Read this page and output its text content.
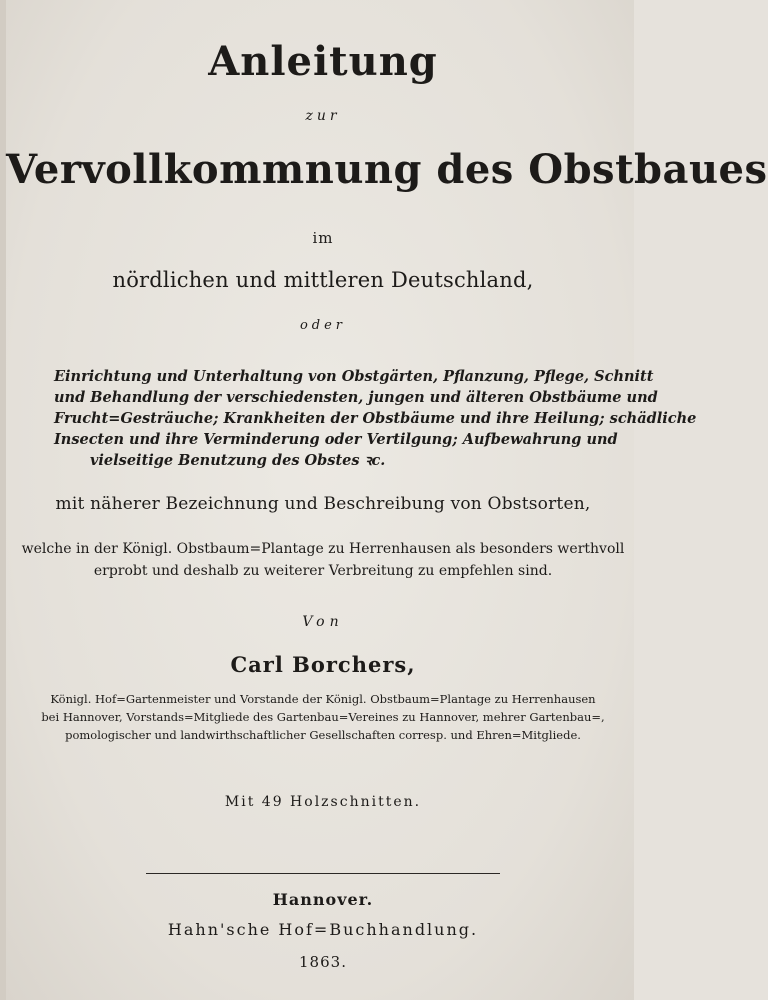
Anleitung
zur
Vervollkommnung des Obstbaues
im
nördlichen und mittleren Deutschland,
oder
Einrichtung und Unterhaltung von Obstgärten, Pflanzung, Pflege, Schnitt
und Behandlung der verschiedensten, jungen und älteren Obstbäume und
Frucht=Gesträuche; Krankheiten der Obstbäume und ihre Heilung; schädliche
Insecten und ihre Verminderung oder Vertilgung; Aufbewahrung und
vielseitige Benutzung des Obstes ꝛc.
mit näherer Bezeichnung und Beschreibung von Obstsorten,
welche in der Königl. Obstbaum=Plantage zu Herrenhausen als besonders werthvoll
erprobt und deshalb zu weiterer Verbreitung zu empfehlen sind.
Von
Carl Borchers,
Königl. Hof=Gartenmeister und Vorstande der Königl. Obstbaum=Plantage zu Herrenhausen
bei Hannover, Vorstands=Mitgliede des Gartenbau=Vereines zu Hannover, mehrer Gartenbau=,
pomologischer und landwirthschaftlicher Gesellschaften corresp. und Ehren=Mitgliede.
Mit 49 Holzschnitten.
Hannover.
Hahn'sche Hof=Buchhandlung.
1863.
